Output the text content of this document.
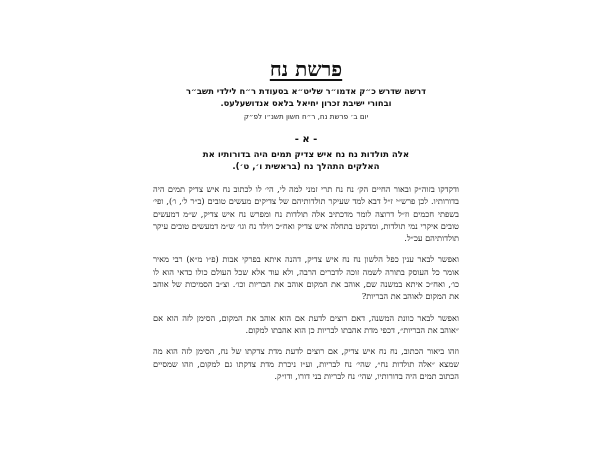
פרשת נח

דרשה שדרש כ״ק אדמו״ר שליט״א בסעודת ר״ח לילדי תשב״ר

ובחורי ישיבת זכרון יחיאל בלאס אנדושעלעס.

יום ב׳ פרשת נח, ר״ח חשון תשנ״ו לפ״ק

- א -

אלה תולדות נח נח איש צדיק תמים היה בדורותיו את

האלקים התהלך נח (בראשית ו׳, ט׳).

ודקדקו בזוה״ק ובאור החיים הק׳ נח נח תרי זמני למה לי, הי׳ לו לכתוב נח איש צדיק תמים היה בדורותיו. לכן פרש״י ז״ל דבא למד שעיקר תולדותיהם של צדיקים מעשים טובים (ב״ר ל׳, ו׳), ופי׳ בשפתי חכמים וז״ל דרוצה לומר מדכתיב אלה תולדות נח ומפרש נח איש צדיק, ש״מ דמעשים טובים איקרי נמי תולדות, ומדנקט בתחלה איש צדיק ואח״כ ויולד נח וגו׳ ש״מ דמעשים טובים עיקר תולדותיהם עכ״ל.

ואפשר לבאר ענין כפל הלשון נח נח איש צדיק, דהנה איתא בפרקי אבות (פ״ו מ״א) רבי מאיר אומר כל העוסק בתורה לשמה זוכה לדברים הרבה, ולא עוד אלא שכל העולם כולו כדאי הוא לו כו׳, ואח״כ איתא במשנה שם, אוהב את המקום אוהב את הבריות וכו׳. וצ״ב הסמיכות של אוהב את המקום לאוהב את הבריות?

ואפשר לבאר כוונת המשנה, דאם רוצים לדעת אם הוא אוהב את המקום, הסימן לזה הוא אם ״אוהב את הבריות״, דכפי מדת אהבתו לבריות כן הוא אהבתו למקום.

וזהו ביאור הכתוב, נח נח איש צדיק, אם רוצים לדעת מדת צדקתו של נח, הסימן לזה הוא מה שמצא ״אלה תולדות נח״, שהי׳ נח לבריות, וע״ז ניכרת מדת צדקתו גם למקום, וזהו שמסיים הכתוב תמים היה בדורותיו, שהי׳ נח לבריות בני דורו, ודו״ק.
